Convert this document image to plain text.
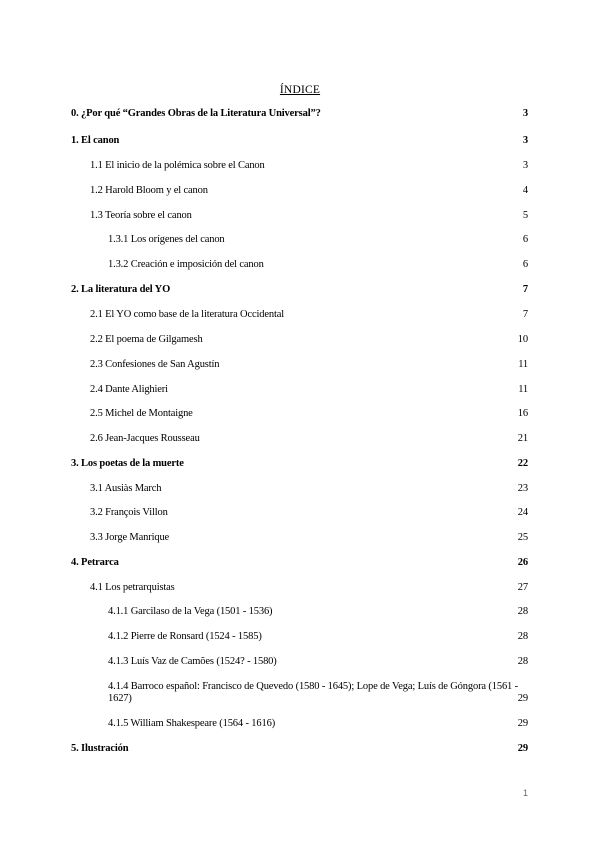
ÍNDICE
0. ¿Por qué “Grandes Obras de la Literatura Universal”?	3
1. El canon	3
1.1 El inicio de la polémica sobre el Canon	3
1.2 Harold Bloom y el canon	4
1.3 Teoría sobre el canon	5
1.3.1 Los orígenes del canon	6
1.3.2 Creación e imposición del canon	6
2. La literatura del YO	7
2.1 El YO como base de la literatura Occidental	7
2.2 El poema de Gilgamesh	10
2.3 Confesiones de San Agustín	11
2.4 Dante Alighieri	11
2.5 Michel de Montaigne	16
2.6 Jean-Jacques Rousseau	21
3. Los poetas de la muerte	22
3.1 Ausiàs March	23
3.2 François Villon	24
3.3 Jorge Manrique	25
4. Petrarca	26
4.1 Los petrarquistas	27
4.1.1 Garcilaso de la Vega (1501 - 1536)	28
4.1.2 Pierre de Ronsard (1524 - 1585)	28
4.1.3 Luís Vaz de Camões (1524? - 1580)	28
4.1.4 Barroco español: Francisco de Quevedo (1580 - 1645); Lope de Vega; Luís de Góngora (1561 - 1627)	29
4.1.5 William Shakespeare (1564 - 1616)	29
5. Ilustración	29
1
